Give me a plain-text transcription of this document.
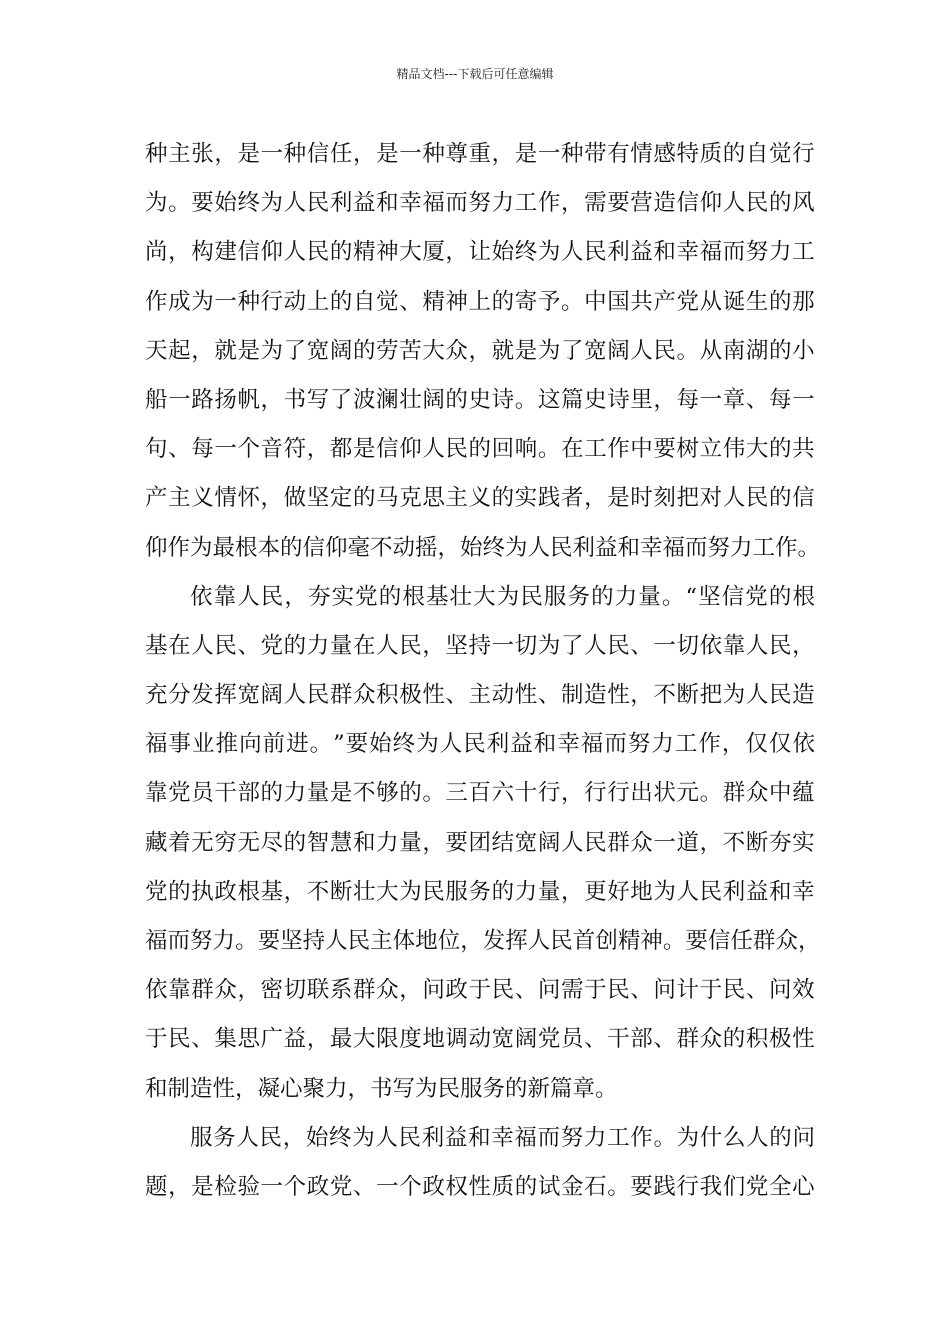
精品文档---下载后可任意编辑
种 主 张 ， 是 一 种 信 任 ， 是 一 种 尊 重 ， 是 一 种 带 有 情 感 特 质 的 自 觉 行
为 。 要 始 终 为 人 民 利 益 和 幸 福 而 努 力 工 作 ， 需 要 营 造 信 仰 人 民 的 风
尚 ， 构 建 信 仰 人 民 的 精 神 大 厦 ， 让 始 终 为 人 民 利 益 和 幸 福 而 努 力 工
作 成 为 一 种 行 动 上 的 自 觉 、 精 神 上 的 寄 予 。 中 国 共 产 党 从 诞 生 的 那
天 起 ， 就 是 为 了 宽 阔 的 劳 苦 大 众 ， 就 是 为 了 宽 阔 人 民 。 从 南 湖 的 小
船 一 路 扬 帆 ， 书 写 了 波 澜 壮 阔 的 史 诗 。 这 篇 史 诗 里 ， 每 一 章 、 每 一
句 、 每 一 个 音 符 ， 都 是 信 仰 人 民 的 回 响 。 在 工 作 中 要 树 立 伟 大 的 共
产 主 义 情 怀 ， 做 坚 定 的 马 克 思 主 义 的 实 践 者 ， 是 时 刻 把 对 人 民 的 信
仰作为最根本的信仰毫不动摇，始终为人民利益和幸福而努力工作。
依 靠 人 民 ， 夯 实 党 的 根 基 壮 大 为 民 服 务 的 力 量 。 “ 坚 信 党 的 根
基 在 人 民 、 党 的 力 量 在 人 民 ， 坚 持 一 切 为 了 人 民 、 一 切 依 靠 人 民 ，
充 分 发 挥 宽 阔 人 民 群 众 积 极 性 、 主 动 性 、 制 造 性 ， 不 断 把 为 人 民 造
福 事 业 推 向 前 进 。 ” 要 始 终 为 人 民 利 益 和 幸 福 而 努 力 工 作 ， 仅 仅 依
靠 党 员 干 部 的 力 量 是 不 够 的 。 三 百 六 十 行 ， 行 行 出 状 元 。 群 众 中 蕴
藏 着 无 穷 无 尽 的 智 慧 和 力 量 ， 要 团 结 宽 阔 人 民 群 众 一 道 ， 不 断 夯 实
党 的 执 政 根 基 ， 不 断 壮 大 为 民 服 务 的 力 量 ， 更 好 地 为 人 民 利 益 和 幸
福 而 努 力 。 要 坚 持 人 民 主 体 地 位 ， 发 挥 人 民 首 创 精 神 。 要 信 任 群 众 ，
依 靠 群 众 ， 密 切 联 系 群 众 ， 问 政 于 民 、 问 需 于 民 、 问 计 于 民 、 问 效
于 民 、 集 思 广 益 ， 最 大 限 度 地 调 动 宽 阔 党 员 、 干 部 、 群 众 的 积 极 性
和制造性，凝心聚力，书写为民服务的新篇章。
服 务 人 民 ， 始 终 为 人 民 利 益 和 幸 福 而 努 力 工 作 。 为 什 么 人 的 问
题 ， 是 检 验 一 个 政 党 、 一 个 政 权 性 质 的 试 金 石 。 要 践 行 我 们 党 全 心
